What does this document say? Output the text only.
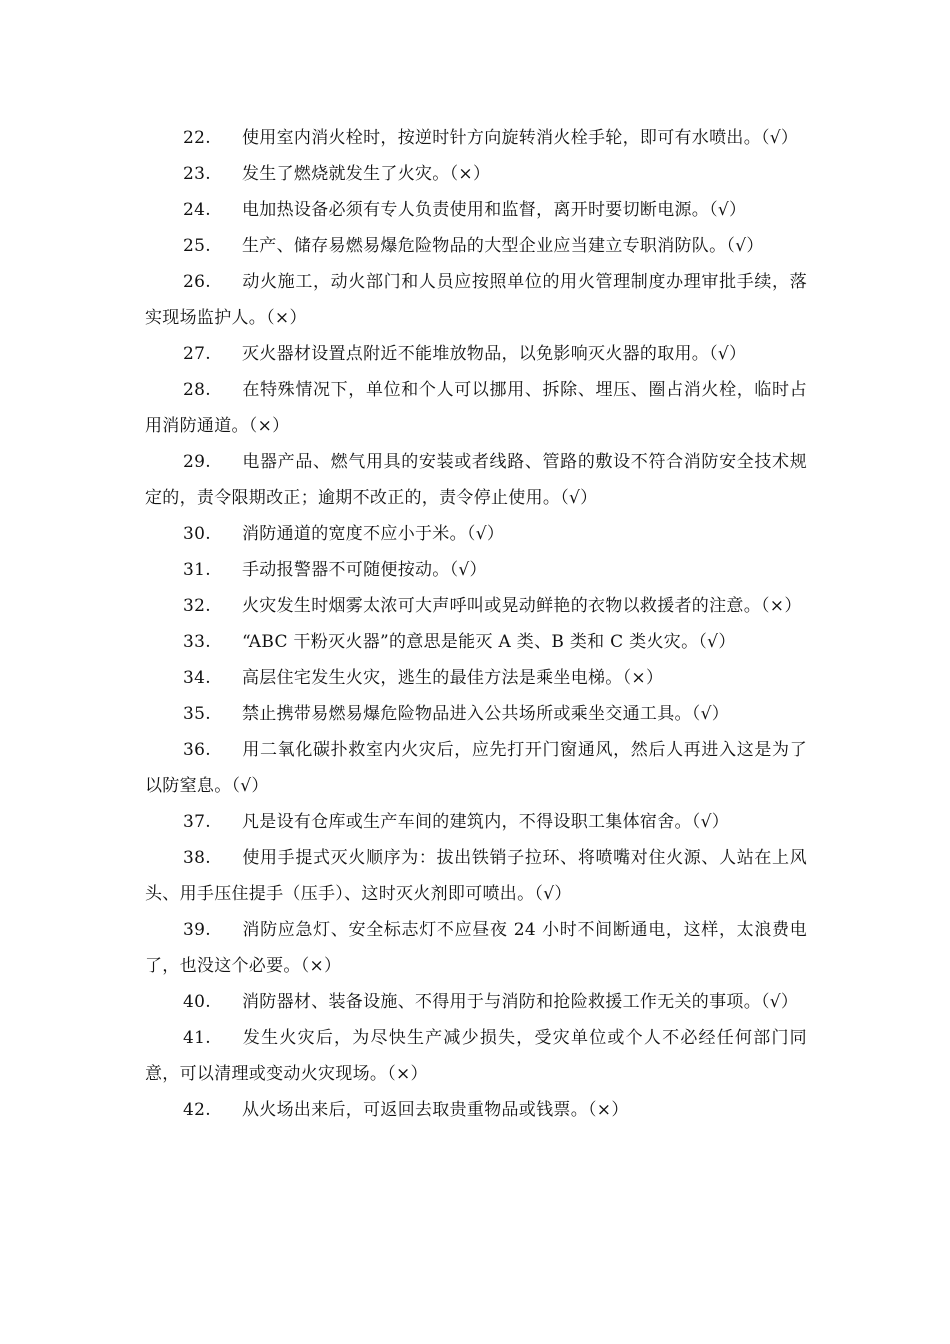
22. 使用室内消火栓时，按逆时针方向旋转消火栓手轮，即可有水喷出。（√）
23. 发生了燃烧就发生了火灾。（×）
24. 电加热设备必须有专人负责使用和监督，离开时要切断电源。（√）
25. 生产、储存易燃易爆危险物品的大型企业应当建立专职消防队。（√）
26. 动火施工，动火部门和人员应按照单位的用火管理制度办理审批手续，落实现场监护人。（×）
27. 灭火器材设置点附近不能堆放物品，以免影响灭火器的取用。（√）
28. 在特殊情况下，单位和个人可以挪用、拆除、埋压、圈占消火栓，临时占用消防通道。（×）
29. 电器产品、燃气用具的安装或者线路、管路的敷设不符合消防安全技术规定的，责令限期改正；逾期不改正的，责令停止使用。（√）
30. 消防通道的宽度不应小于米。（√）
31. 手动报警器不可随便按动。（√）
32. 火灾发生时烟雾太浓可大声呼叫或晃动鲜艳的衣物以救援者的注意。（×）
33. “ABC 干粉灭火器”的意思是能灭 A 类、B 类和 C 类火灾。（√）
34. 高层住宅发生火灾，逃生的最佳方法是乘坐电梯。（×）
35. 禁止携带易燃易爆危险物品进入公共场所或乘坐交通工具。（√）
36. 用二氧化碳扑救室内火灾后，应先打开门窗通风，然后人再进入这是为了以防窒息。（√）
37. 凡是设有仓库或生产车间的建筑内，不得设职工集体宿舍。（√）
38. 使用手提式灭火顺序为：拔出铁销子拉环、将喷嘴对住火源、人站在上风头、用手压住提手（压手）、这时灭火剂即可喷出。（√）
39. 消防应急灯、安全标志灯不应昼夜 24 小时不间断通电，这样，太浪费电了，也没这个必要。（×）
40. 消防器材、装备设施、不得用于与消防和抢险救援工作无关的事项。（√）
41. 发生火灾后，为尽快生产减少损失，受灾单位或个人不必经任何部门同意，可以清理或变动火灾现场。（×）
42. 从火场出来后，可返回去取贵重物品或钱票。（×）
